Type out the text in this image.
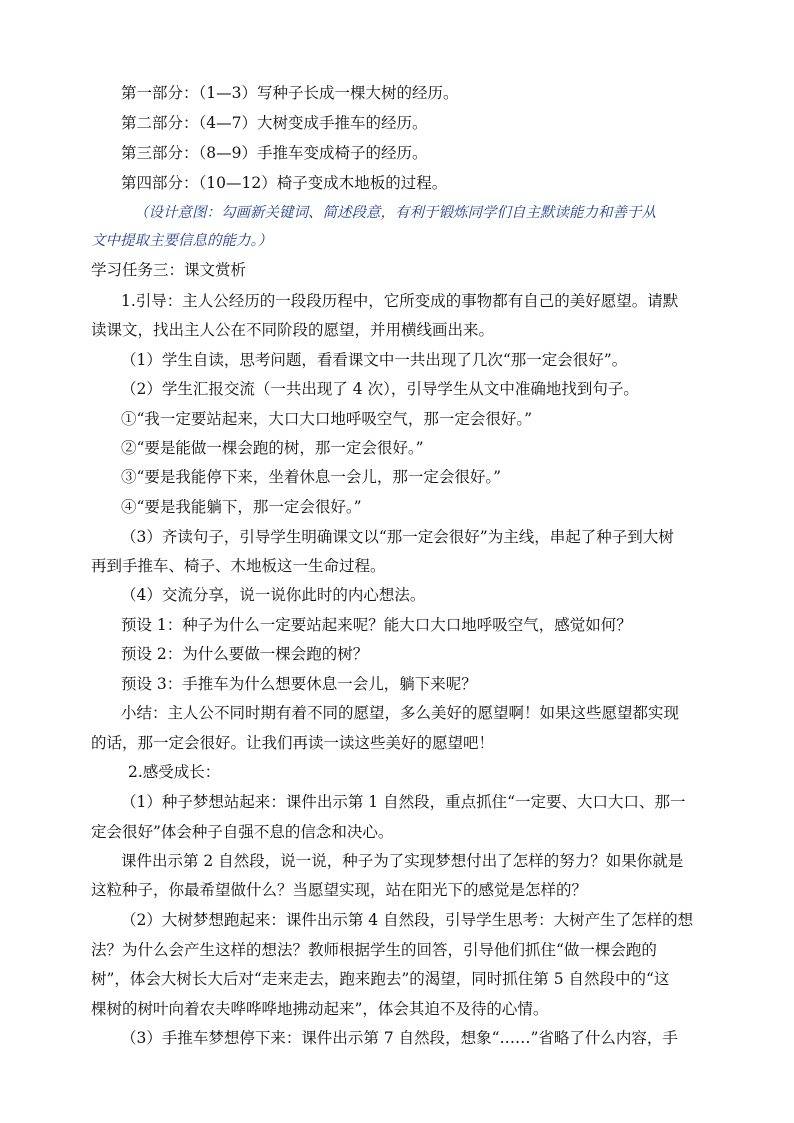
第一部分：（1—3）写种子长成一棵大树的经历。
第二部分：（4—7）大树变成手推车的经历。
第三部分：（8—9）手推车变成椅子的经历。
第四部分：（10—12）椅子变成木地板的过程。
（设计意图：勾画新关键词、简述段意，有利于锻炼同学们自主默读能力和善于从
文中提取主要信息的能力。）
学习任务三：课文赏析
1.引导：主人公经历的一段段历程中，它所变成的事物都有自己的美好愿望。请默
读课文，找出主人公在不同阶段的愿望，并用横线画出来。
（1）学生自读，思考问题，看看课文中一共出现了几次“那一定会很好”。
（2）学生汇报交流（一共出现了 4 次），引导学生从文中准确地找到句子。
①“我一定要站起来，大口大口地呼吸空气，那一定会很好。”
②“要是能做一棵会跑的树，那一定会很好。”
③“要是我能停下来，坐着休息一会儿，那一定会很好。”
④“要是我能躺下，那一定会很好。”
（3）齐读句子，引导学生明确课文以“那一定会很好”为主线，串起了种子到大树
再到手推车、椅子、木地板这一生命过程。
（4）交流分享，说一说你此时的内心想法。
预设 1：种子为什么一定要站起来呢？能大口大口地呼吸空气，感觉如何？
预设 2：为什么要做一棵会跑的树？
预设 3：手推车为什么想要休息一会儿，躺下来呢？
小结：主人公不同时期有着不同的愿望，多么美好的愿望啊！如果这些愿望都实现
的话，那一定会很好。让我们再读一读这些美好的愿望吧！
2.感受成长：
（1）种子梦想站起来：课件出示第 1 自然段，重点抓住“一定要、大口大口、那一
定会很好”体会种子自强不息的信念和决心。
课件出示第 2 自然段，说一说，种子为了实现梦想付出了怎样的努力？如果你就是
这粒种子，你最希望做什么？当愿望实现，站在阳光下的感觉是怎样的？
（2）大树梦想跑起来：课件出示第 4 自然段，引导学生思考：大树产生了怎样的想
法？为什么会产生这样的想法？教师根据学生的回答，引导他们抓住“做一棵会跑的
树”，体会大树长大后对“走来走去，跑来跑去”的渴望，同时抓住第 5 自然段中的“这
棵树的树叶向着农夫哗哗哗地拂动起来”，体会其迫不及待的心情。
（3）手推车梦想停下来：课件出示第 7 自然段，想象“……”省略了什么内容，手
